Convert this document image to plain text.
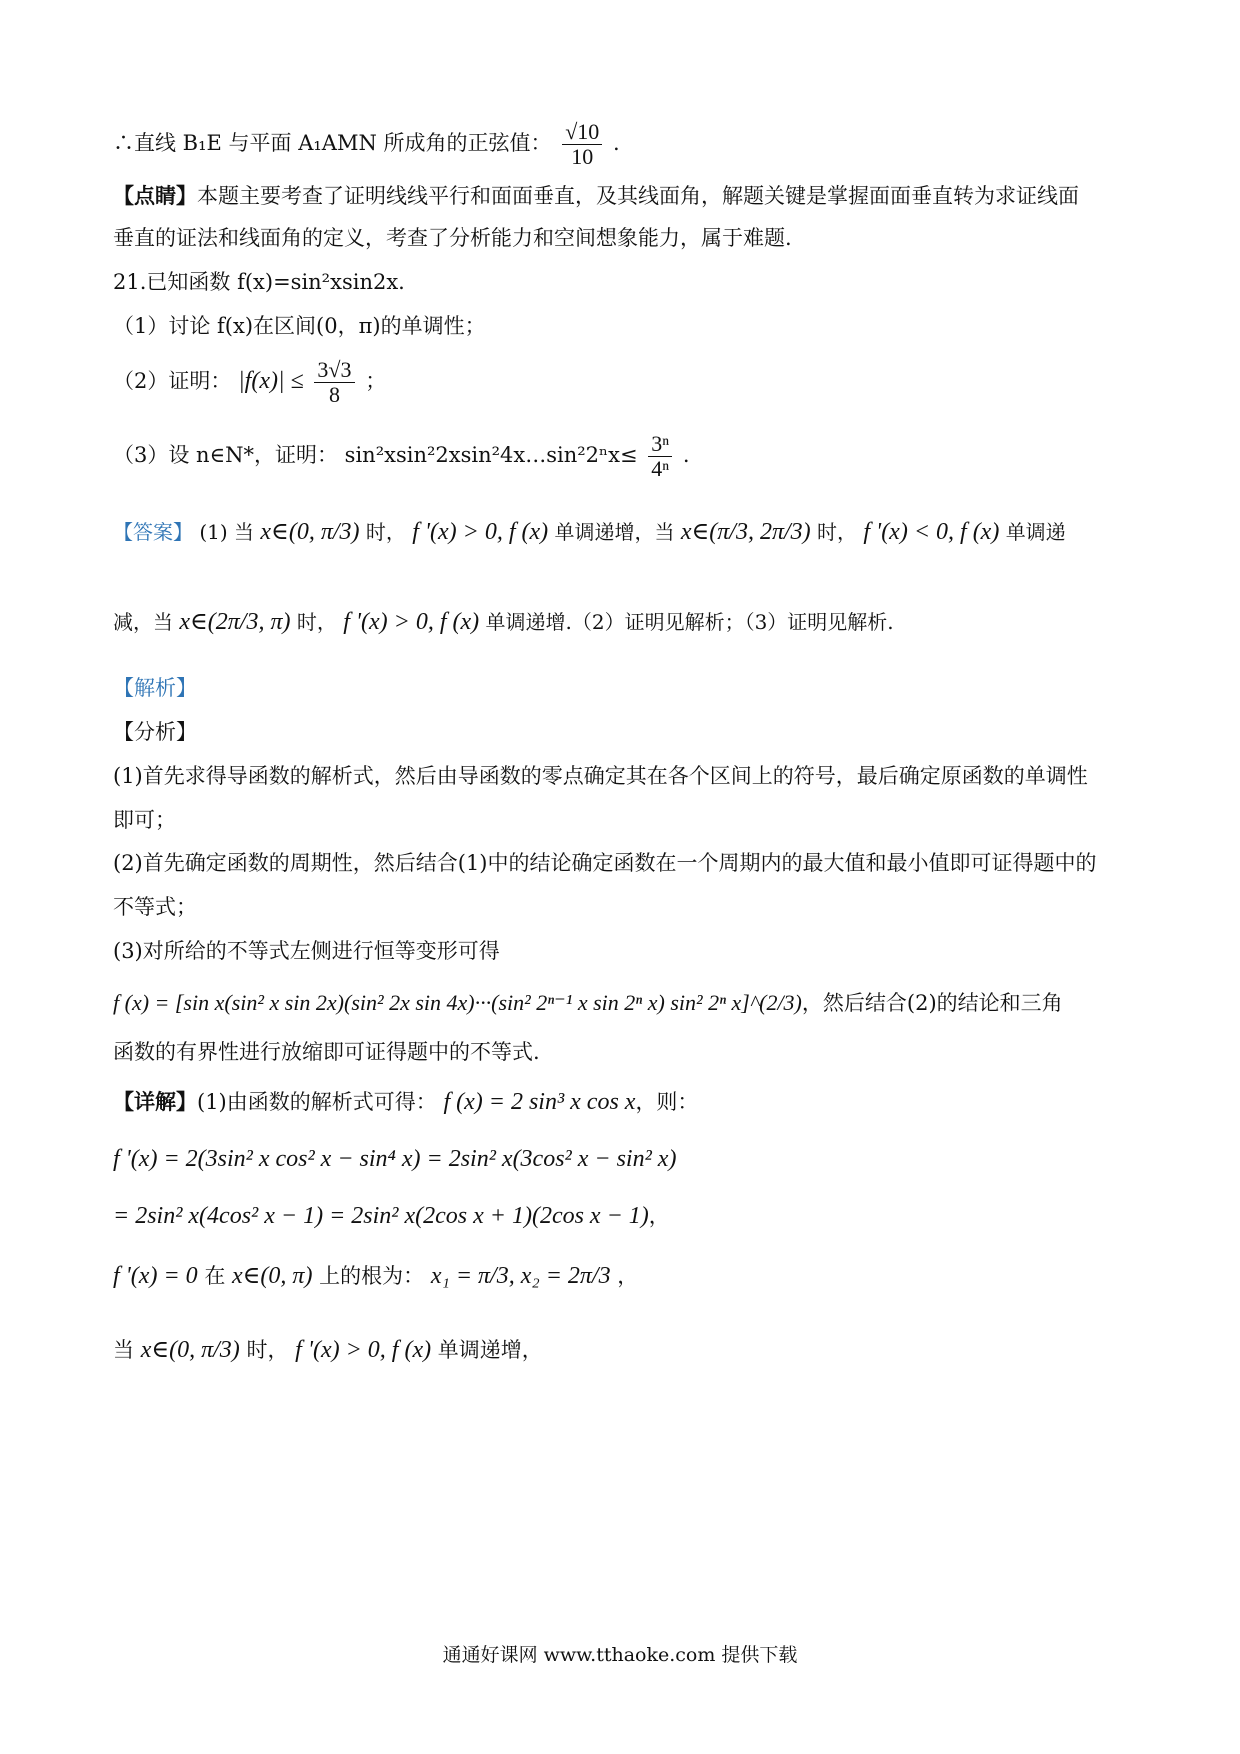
∴直线 B₁E 与平面 A₁AMN 所成角的正弦值： $\frac{√10}{10}$ .
【点睛】本题主要考查了证明线线平行和面面垂直，及其线面角，解题关键是掌握面面垂直转为求证线面
垂直的证法和线面角的定义，考查了分析能力和空间想象能力，属于难题.
21.已知函数 f(x)=sin²xsin2x.
（1）讨论 f(x)在区间(0，π)的单调性；
（2）证明： $|f(x)| \le \frac{3√3}{8}$ ；
（3）设 n∈N*，证明： sin²xsin²2xsin²4x…sin²2ⁿx≤ $\frac{\text{3ⁿ}}{\text{4ⁿ}}$ .
【答案】 (1) 当 x∈(0, π/3) 时， f '(x) > 0, f (x) 单调递增，当 x∈(π/3, 2π/3) 时， f '(x) < 0, f (x) 单调递
减，当 x∈(2π/3, π) 时， f '(x) > 0, f (x) 单调递增.（2）证明见解析；（3）证明见解析.
【解析】
【分析】
(1)首先求得导函数的解析式，然后由导函数的零点确定其在各个区间上的符号，最后确定原函数的单调性
即可；
(2)首先确定函数的周期性，然后结合(1)中的结论确定函数在一个周期内的最大值和最小值即可证得题中的
不等式；
(3)对所给的不等式左侧进行恒等变形可得
f (x) = [sin x(sin² x sin 2x)(sin² 2x sin 4x)···(sin² 2ⁿ⁻¹ x sin 2ⁿ x) sin² 2ⁿ x]^(2/3)，然后结合(2)的结论和三角
函数的有界性进行放缩即可证得题中的不等式.
【详解】(1)由函数的解析式可得： f (x) = 2 sin³ x cos x，则：
f '(x) = 2(3sin² x cos² x − sin⁴ x) = 2sin² x(3cos² x − sin² x)
= 2sin² x(4cos² x − 1) = 2sin² x(2cos x + 1)(2cos x − 1)，
f '(x) = 0 在 x∈(0, π) 上的根为： x₁ = π/3, x₂ = 2π/3 ，
当 x∈(0, π/3) 时， f '(x) > 0, f (x) 单调递增，
通通好课网 www.tthaoke.com 提供下载
